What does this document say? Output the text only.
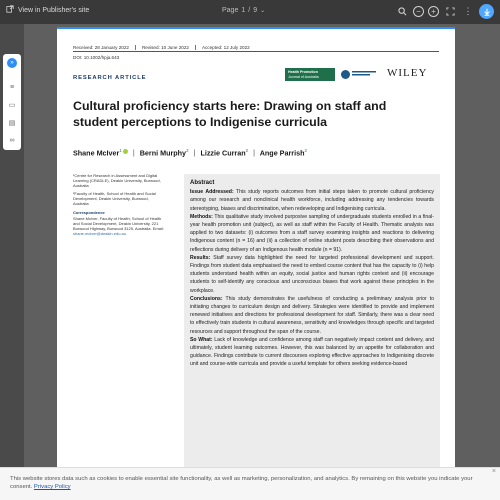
View in Publisher's site	Page 1 / 9 ⌄	−	+	⋮
»
≡
▭
▤
∞
Received: 28 January 2022	Revised: 10 June 2022	Accepted: 12 July 2022
DOI: 10.1002/hpja.643
RESEARCH ARTICLE
Health Promotion
Journal of Australia	WILEY
Cultural proficiency starts here: Drawing on staff and student perceptions to Indigenise curricula
Shane McIver$^1$ | Berni Murphy$^2$ | Lizzie Curran$^2$ | Ange Parrish$^2$

¹Centre for Research in Assessment and Digital Learning (CRADLE), Deakin University, Burwood, Australia

²Faculty of Health, School of Health and Social Development, Deakin University, Burwood, Australia

Correspondence

Shane McIver, Faculty of Health, School of Health and Social Development, Deakin University, 221 Burwood Highway, Burwood 3125, Australia. Email: shane.mciver@deakin.edu.au

Abstract

Issue Addressed: This study reports outcomes from initial steps taken to promote cultural proficiency among our research and nonclinical health workforce, including addressing any tendencies towards stereotyping, biases and discrimination, when redeveloping and Indigenising curricula.

Methods: This qualitative study involved purposive sampling of undergraduate students enrolled in a final-year health promotion unit (subject), as well as staff within the Faculty of Health. Thematic analysis was applied to two datasets: (i) outcomes from a staff survey examining insights and reactions to delivering Indigenous content (n = 16) and (ii) a collection of online student posts describing their observations and reflections during delivery of an Indigenous health module (n = 91).

Results: Staff survey data highlighted the need for targeted professional development and support. Findings from student data emphasised the need to embed course content that has the capacity to (i) help students understand health within an equity, social justice and human rights context and (ii) encourage students to self-identify any conscious and unconscious biases that work against these principles in the workplace.

Conclusions: This study demonstrates the usefulness of conducting a preliminary analysis prior to initiating changes to curriculum design and delivery. Strategies were identified to provide and implement renewed initiatives and directions for professional development for staff. Similarly, there was a clear need to effectively train students in cultural awareness, sensitivity and knowledges through specific and targeted resources and support throughout the span of the course.

So What: Lack of knowledge and confidence among staff can negatively impact content and delivery, and ultimately, student learning outcomes. However, this was balanced by an appetite for collaboration and guidance. Findings contribute to current discourses exploring effective approaches to Indigenising discrete unit and course-wide curricula and provide a useful template for others seeking evidence-based

This website stores data such as cookies to enable essential site functionality, as well as marketing, personalization, and analytics. By remaining on this website you indicate your consent. Privacy Policy
×
